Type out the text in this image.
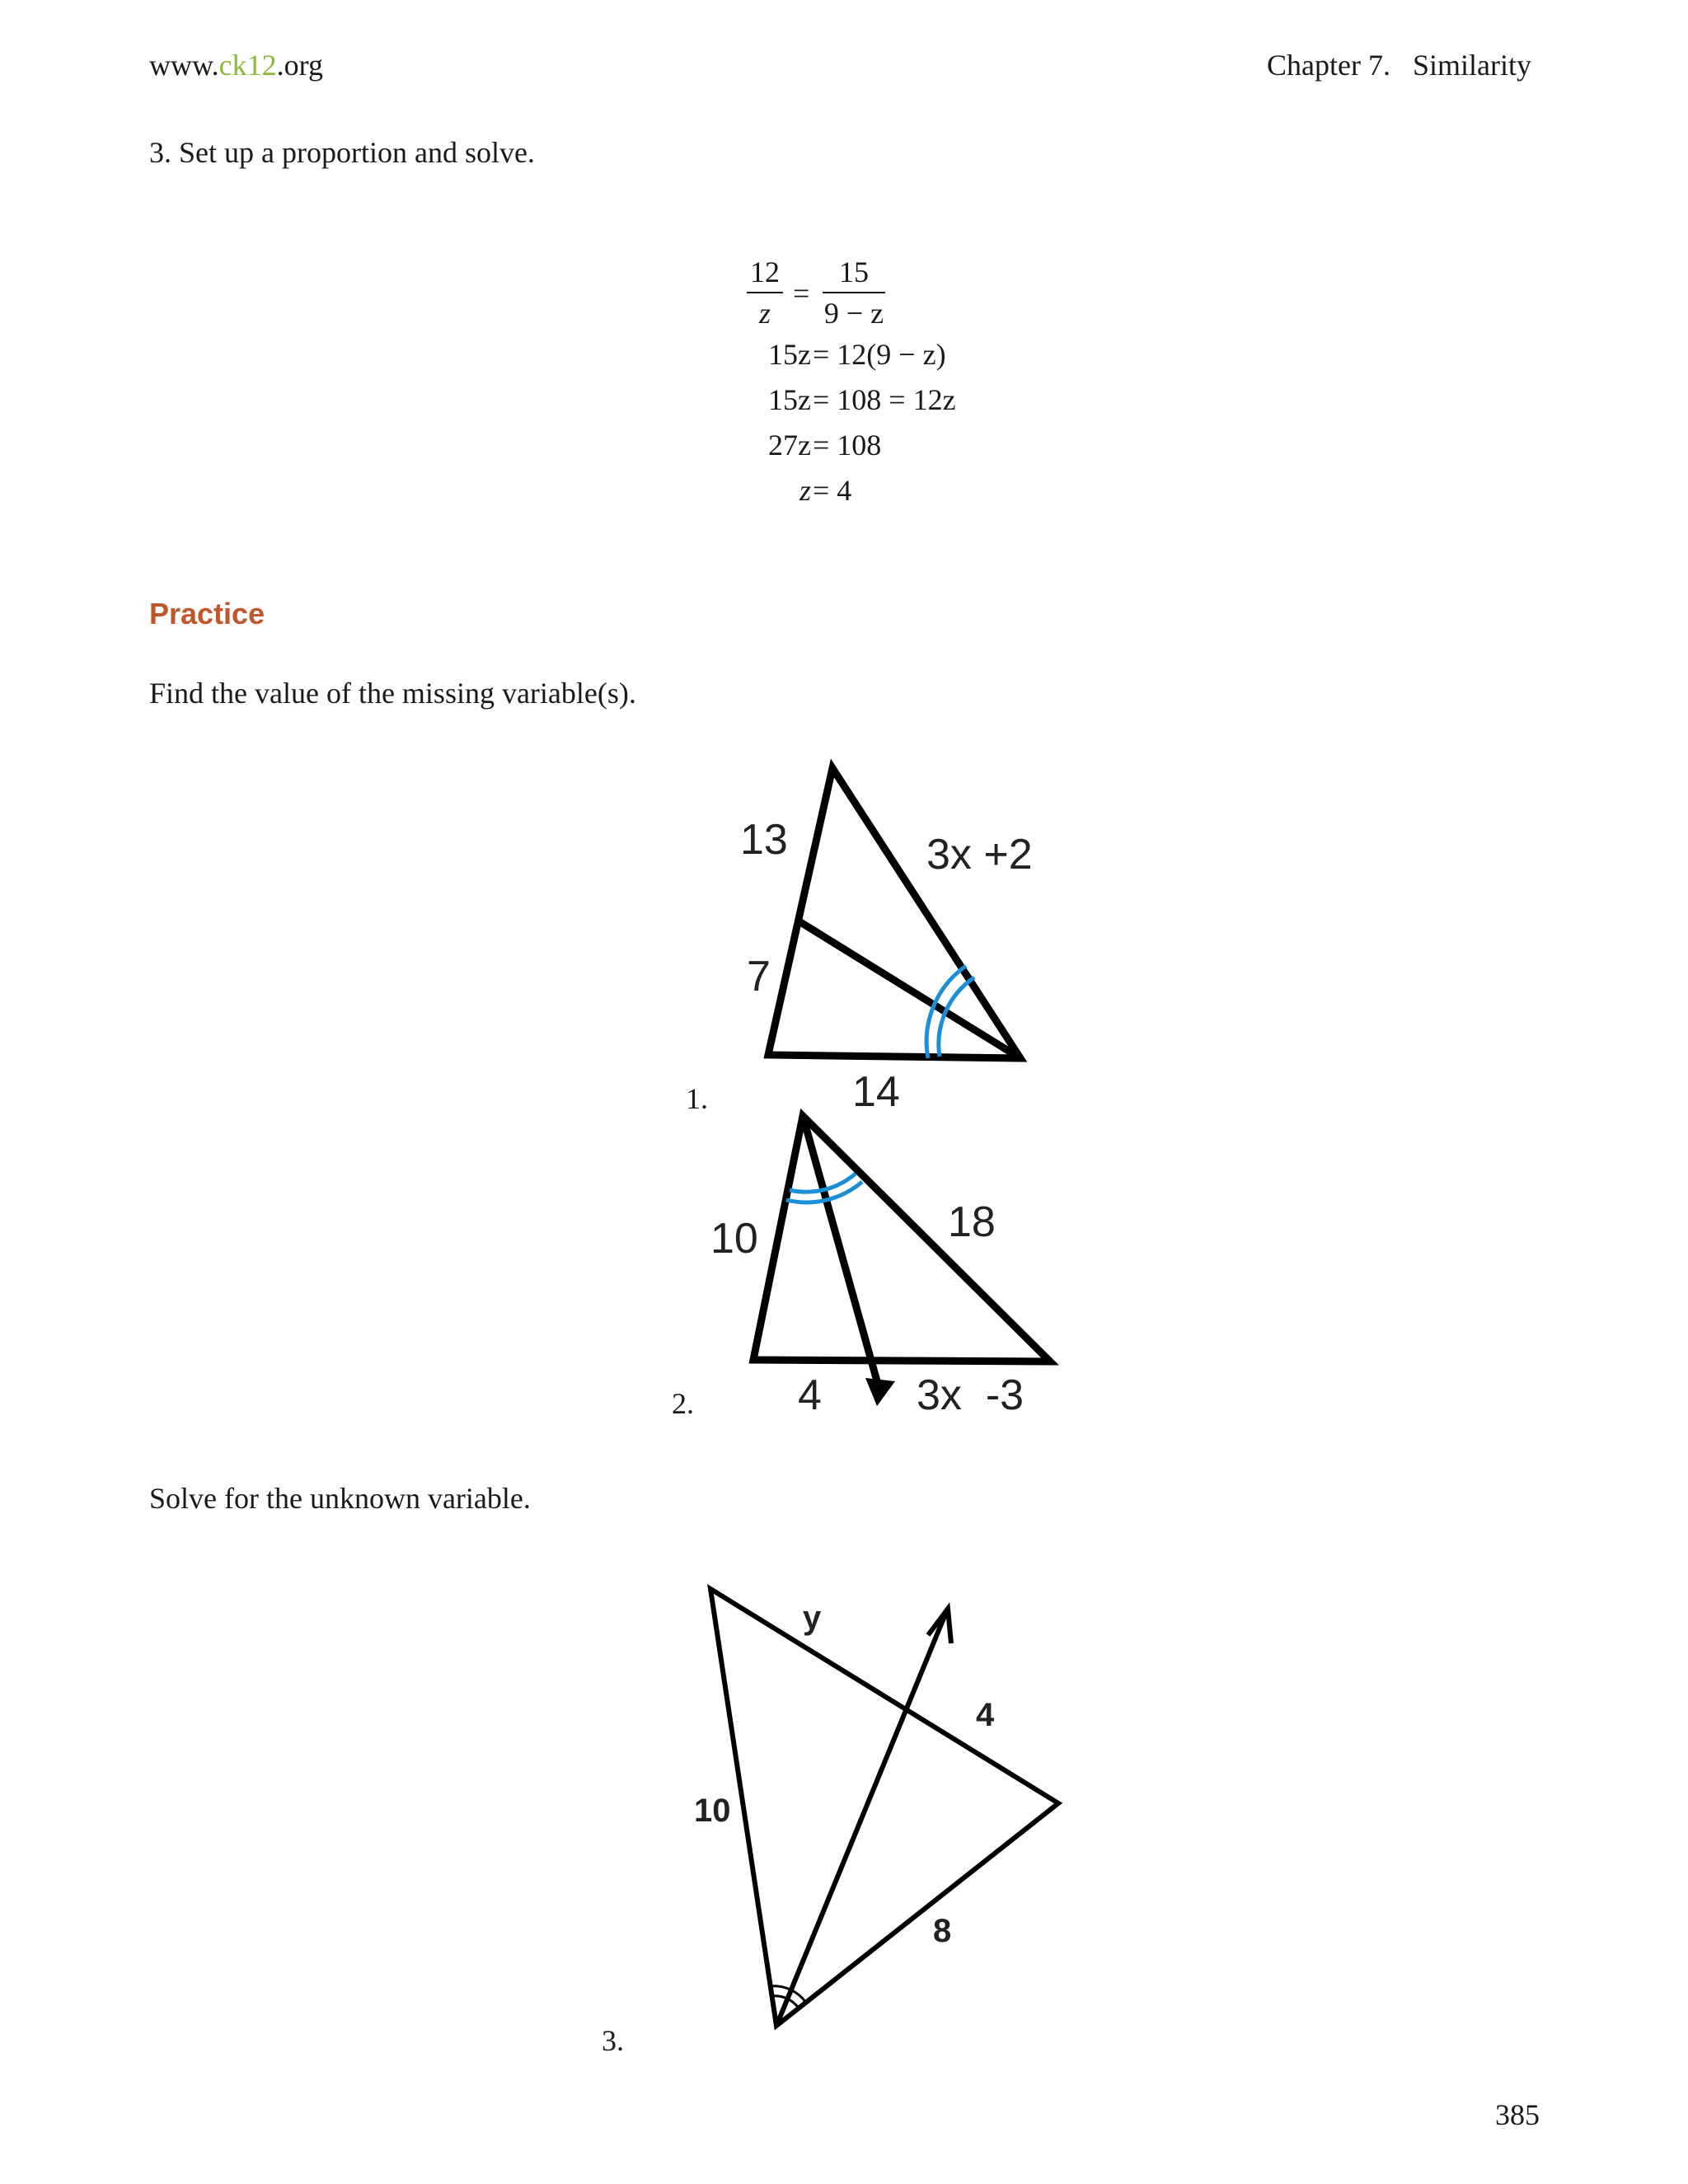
www.ck12.org	Chapter 7.   Similarity
3. Set up a proportion and solve.
12
z
=
15
9 − z
15z = 12(9 − z)
15z = 108 = 12z
27z = 108
z = 4
Practice
Find the value of the missing variable(s).
1.
13	3x +2
7
14
2.
10	18
4 3x  -3
Solve for the unknown variable.
3.
y
4
10
8
385
